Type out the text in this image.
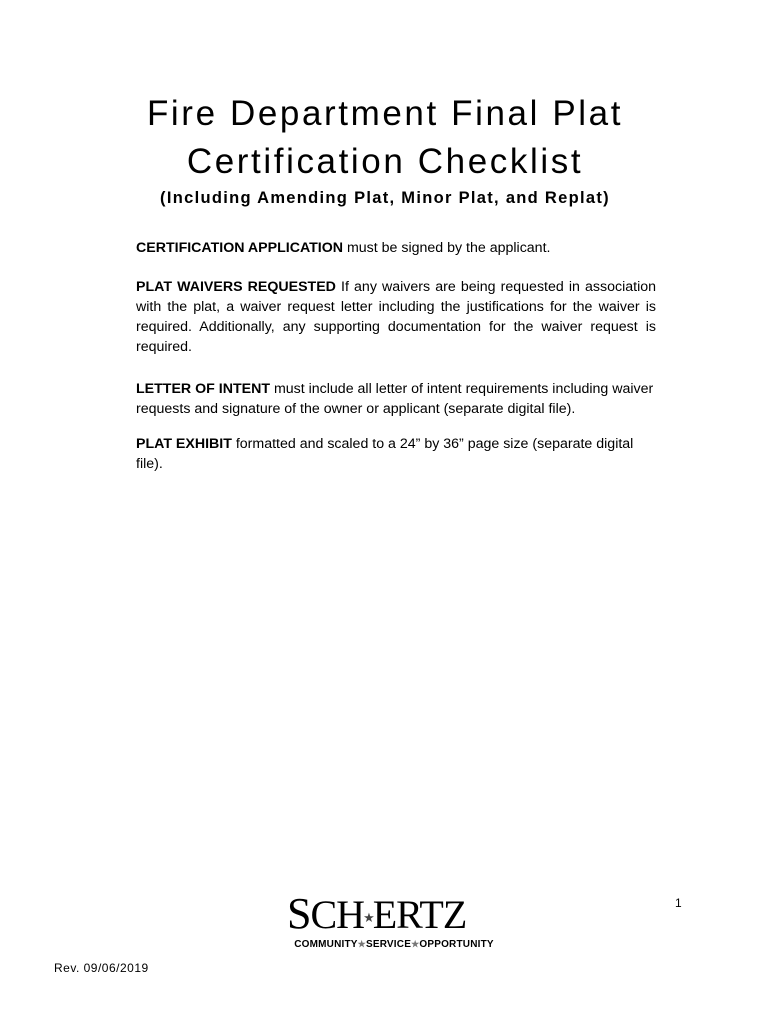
Fire Department Final Plat
Certification Checklist
(Including Amending Plat, Minor Plat, and Replat)
CERTIFICATION APPLICATION must be signed by the applicant.
PLAT WAIVERS REQUESTED If any waivers are being requested in association with the plat, a waiver request letter including the justifications for the waiver is required. Additionally, any supporting documentation for the waiver request is required.
LETTER OF INTENT must include all letter of intent requirements including waiver requests and signature of the owner or applicant (separate digital file).
PLAT EXHIBIT formatted and scaled to a 24” by 36” page size (separate digital file).
1
SCH★ERTZ
COMMUNITY★SERVICE★OPPORTUNITY
Rev. 09/06/2019
